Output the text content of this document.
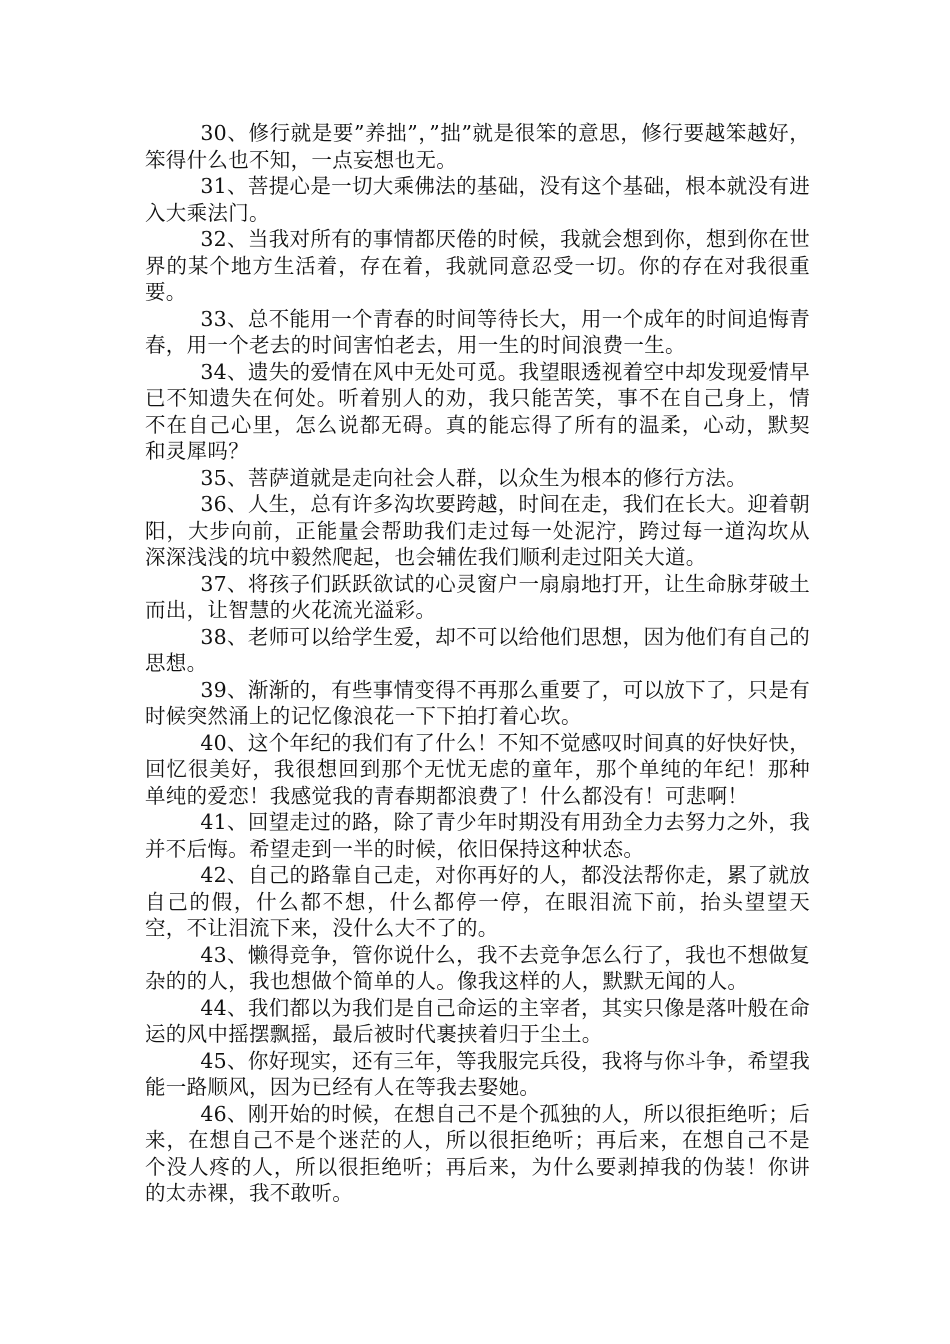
30、修行就是要”养拙”，”拙”就是很笨的意思，修行要越笨越好，笨得什么也不知，一点妄想也无。

31、菩提心是一切大乘佛法的基础，没有这个基础，根本就没有进入大乘法门。

32、当我对所有的事情都厌倦的时候，我就会想到你，想到你在世界的某个地方生活着，存在着，我就同意忍受一切。你的存在对我很重要。

33、总不能用一个青春的时间等待长大，用一个成年的时间追悔青春，用一个老去的时间害怕老去，用一生的时间浪费一生。

34、遗失的爱情在风中无处可觅。我望眼透视着空中却发现爱情早已不知遗失在何处。听着别人的劝，我只能苦笑，事不在自己身上，情不在自己心里，怎么说都无碍。真的能忘得了所有的温柔，心动，默契和灵犀吗？

35、菩萨道就是走向社会人群，以众生为根本的修行方法。

36、人生，总有许多沟坎要跨越，时间在走，我们在长大。迎着朝阳，大步向前，正能量会帮助我们走过每一处泥泞，跨过每一道沟坎从深深浅浅的坑中毅然爬起，也会辅佐我们顺利走过阳关大道。

37、将孩子们跃跃欲试的心灵窗户一扇扇地打开，让生命脉芽破土而出，让智慧的火花流光溢彩。

38、老师可以给学生爱，却不可以给他们思想，因为他们有自己的思想。

39、渐渐的，有些事情变得不再那么重要了，可以放下了，只是有时候突然涌上的记忆像浪花一下下拍打着心坎。

40、这个年纪的我们有了什么！不知不觉感叹时间真的好快好快，回忆很美好，我很想回到那个无忧无虑的童年，那个单纯的年纪！那种单纯的爱恋！我感觉我的青春期都浪费了！什么都没有！可悲啊！

41、回望走过的路，除了青少年时期没有用劲全力去努力之外，我并不后悔。希望走到一半的时候，依旧保持这种状态。

42、自己的路靠自己走，对你再好的人，都没法帮你走，累了就放自己的假，什么都不想，什么都停一停，在眼泪流下前，抬头望望天空，不让泪流下来，没什么大不了的。

43、懒得竞争，管你说什么，我不去竞争怎么行了，我也不想做复杂的的人，我也想做个简单的人。像我这样的人，默默无闻的人。

44、我们都以为我们是自己命运的主宰者，其实只像是落叶般在命运的风中摇摆飘摇，最后被时代裹挟着归于尘土。

45、你好现实，还有三年，等我服完兵役，我将与你斗争，希望我能一路顺风，因为已经有人在等我去娶她。

46、刚开始的时候，在想自己不是个孤独的人，所以很拒绝听；后来，在想自己不是个迷茫的人，所以很拒绝听；再后来，在想自己不是个没人疼的人，所以很拒绝听；再后来，为什么要剥掉我的伪装！你讲的太赤裸，我不敢听。
